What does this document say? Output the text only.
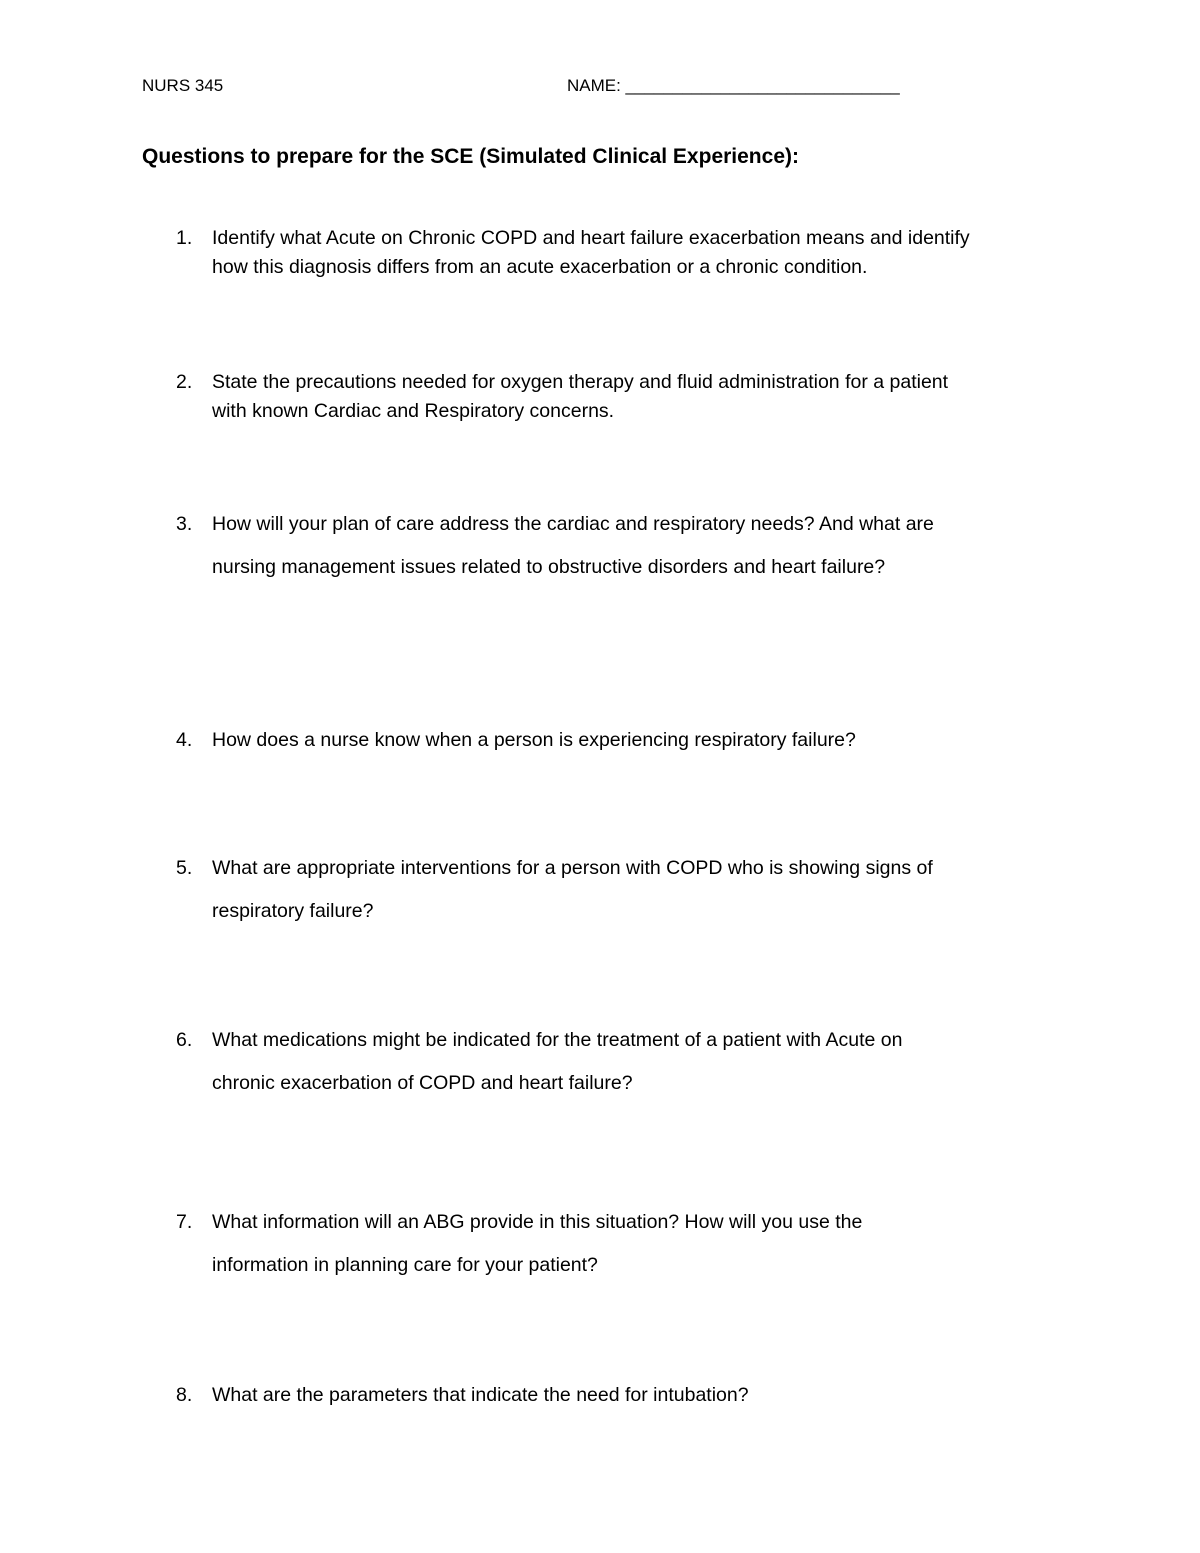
NURS 345	NAME: _____________________________
Questions to prepare for the SCE (Simulated Clinical Experience):
1. Identify what Acute on Chronic COPD and heart failure exacerbation means and identify
how this diagnosis differs from an acute exacerbation or a chronic condition.
2. State the precautions needed for oxygen therapy and fluid administration for a patient
with known Cardiac and Respiratory concerns.
3. How will your plan of care address the cardiac and respiratory needs? And what are
nursing management issues related to obstructive disorders and heart failure?
4. How does a nurse know when a person is experiencing respiratory failure?
5. What are appropriate interventions for a person with COPD who is showing signs of
respiratory failure?
6. What medications might be indicated for the treatment of a patient with Acute on
chronic exacerbation of COPD and heart failure?
7. What information will an ABG provide in this situation? How will you use the
information in planning care for your patient?
8. What are the parameters that indicate the need for intubation?
